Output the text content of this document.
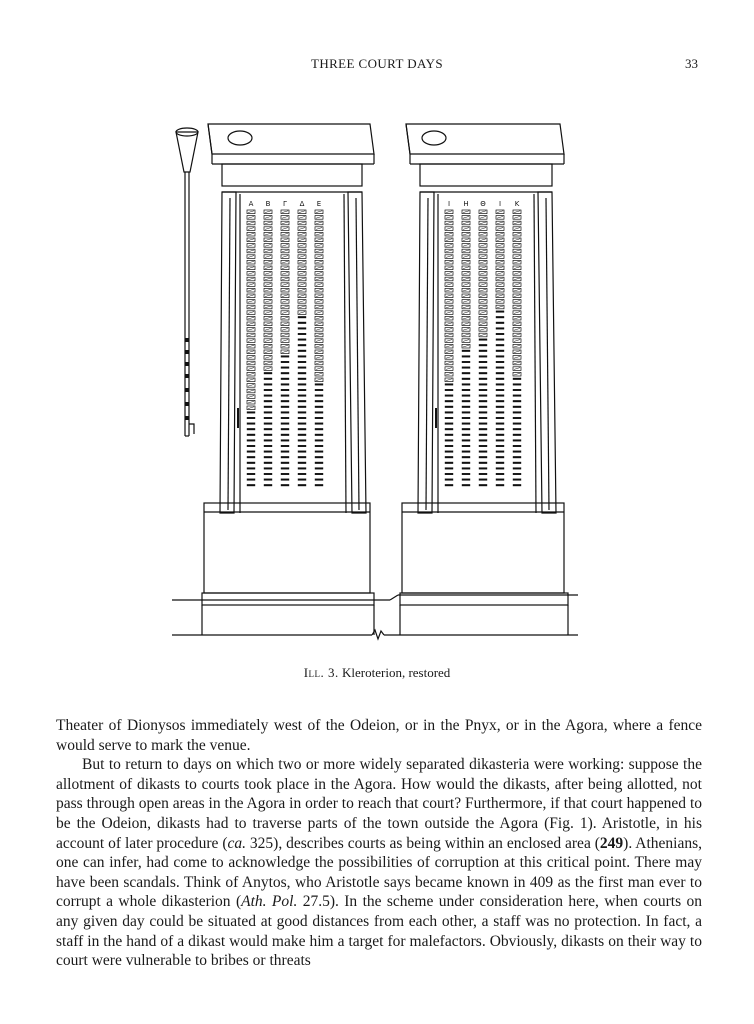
THREE COURT DAYS	33
Α Β Γ Δ Ε	Ι Η Θ Ι Κ
Ill. 3. Kleroterion, restored

Theater of Dionysos immediately west of the Odeion, or in the Pnyx, or in the Agora, where a fence would serve to mark the venue.

But to return to days on which two or more widely separated dikasteria were working: suppose the allotment of dikasts to courts took place in the Agora. How would the dikasts, after being allotted, not pass through open areas in the Agora in order to reach that court? Furthermore, if that court happened to be the Odeion, dikasts had to traverse parts of the town outside the Agora (Fig. 1). Aristotle, in his account of later procedure (ca. 325), describes courts as being within an enclosed area (249). Athenians, one can infer, had come to acknowledge the possibilities of corruption at this critical point. There may have been scandals. Think of Anytos, who Aristotle says became known in 409 as the first man ever to corrupt a whole dikasterion (Ath. Pol. 27.5). In the scheme under consideration here, when courts on any given day could be situated at good distances from each other, a staff was no protection. In fact, a staff in the hand of a dikast would make him a target for malefactors. Obviously, dikasts on their way to court were vulnerable to bribes or threats
